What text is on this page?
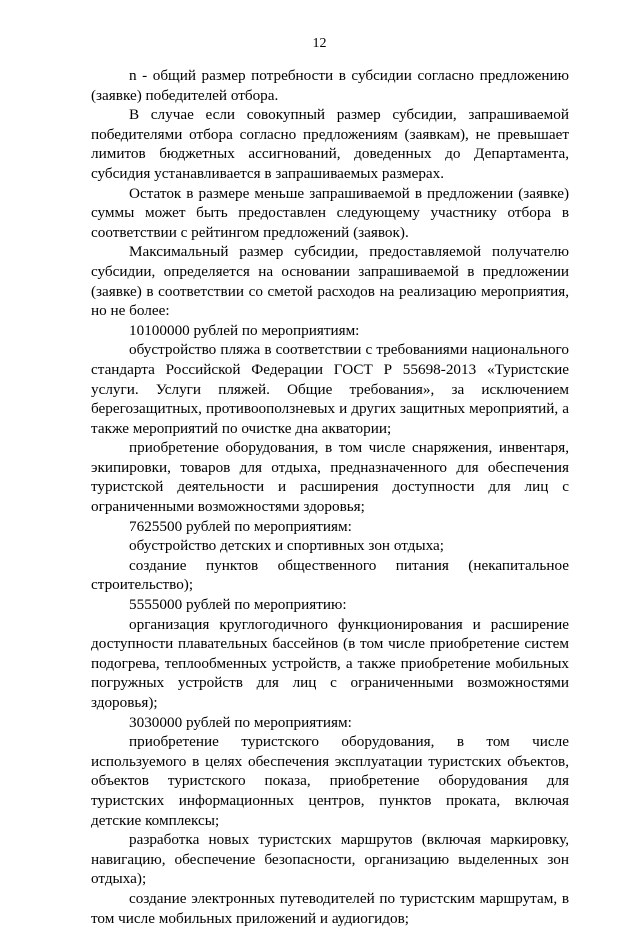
12

n - общий размер потребности в субсидии согласно предложению (заявке) победителей отбора.

В случае если совокупный размер субсидии, запрашиваемой победителями отбора согласно предложениям (заявкам), не превышает лимитов бюджетных ассигнований, доведенных до Департамента, субсидия устанавливается в запрашиваемых размерах.

Остаток в размере меньше запрашиваемой в предложении (заявке) суммы может быть предоставлен следующему участнику отбора в соответствии с рейтингом предложений (заявок).

Максимальный размер субсидии, предоставляемой получателю субсидии, определяется на основании запрашиваемой в предложении (заявке) в соответствии со сметой расходов на реализацию мероприятия, но не более:

10100000 рублей по мероприятиям:

обустройство пляжа в соответствии с требованиями национального стандарта Российской Федерации ГОСТ Р 55698-2013 «Туристские услуги. Услуги пляжей. Общие требования», за исключением берегозащитных, противооползневых и других защитных мероприятий, а также мероприятий по очистке дна акватории;

приобретение оборудования, в том числе снаряжения, инвентаря, экипировки, товаров для отдыха, предназначенного для обеспечения туристской деятельности и расширения доступности для лиц с ограниченными возможностями здоровья;

7625500 рублей по мероприятиям:

обустройство детских и спортивных зон отдыха;

создание пунктов общественного питания (некапитальное строительство);

5555000 рублей по мероприятию:

организация круглогодичного функционирования и расширение доступности плавательных бассейнов (в том числе приобретение систем подогрева, теплообменных устройств, а также приобретение мобильных погружных устройств для лиц с ограниченными возможностями здоровья);

3030000 рублей по мероприятиям:

приобретение туристского оборудования, в том числе используемого в целях обеспечения эксплуатации туристских объектов, объектов туристского показа, приобретение оборудования для туристских информационных центров, пунктов проката, включая детские комплексы;

разработка новых туристских маршрутов (включая маркировку, навигацию, обеспечение безопасности, организацию выделенных зон отдыха);

создание электронных путеводителей по туристским маршрутам, в том числе мобильных приложений и аудиогидов;
